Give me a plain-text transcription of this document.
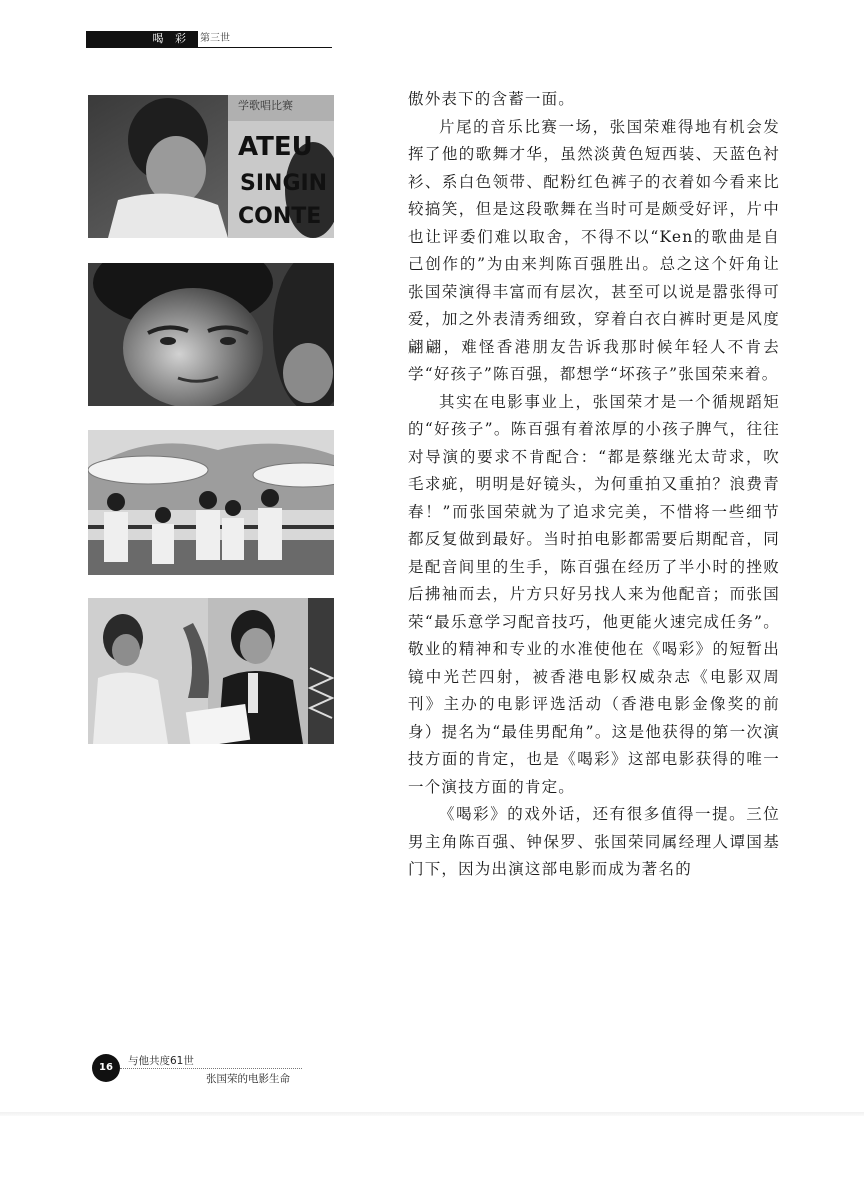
喝 彩	第三世
学歌唱比赛
ATEU
SINGIN
CONTE

傲外表下的含蓄一面。

片尾的音乐比赛一场，张国荣难得地有机会发挥了他的歌舞才华，虽然淡黄色短西装、天蓝色衬衫、系白色领带、配粉红色裤子的衣着如今看来比较搞笑，但是这段歌舞在当时可是颇受好评，片中也让评委们难以取舍，不得不以“Ken的歌曲是自己创作的”为由来判陈百强胜出。总之这个奸角让张国荣演得丰富而有层次，甚至可以说是嚣张得可爱，加之外表清秀细致，穿着白衣白裤时更是风度翩翩，难怪香港朋友告诉我那时候年轻人不肯去学“好孩子”陈百强，都想学“坏孩子”张国荣来着。

其实在电影事业上，张国荣才是一个循规蹈矩的“好孩子”。陈百强有着浓厚的小孩子脾气，往往对导演的要求不肯配合：“都是蔡继光太苛求，吹毛求疵，明明是好镜头，为何重拍又重拍？浪费青春！”而张国荣就为了追求完美，不惜将一些细节都反复做到最好。当时拍电影都需要后期配音，同是配音间里的生手，陈百强在经历了半小时的挫败后拂袖而去，片方只好另找人来为他配音；而张国荣“最乐意学习配音技巧，他更能火速完成任务”。敬业的精神和专业的水准使他在《喝彩》的短暂出镜中光芒四射，被香港电影权威杂志《电影双周刊》主办的电影评选活动（香港电影金像奖的前身）提名为“最佳男配角”。这是他获得的第一次演技方面的肯定，也是《喝彩》这部电影获得的唯一一个演技方面的肯定。

《喝彩》的戏外话，还有很多值得一提。三位男主角陈百强、钟保罗、张国荣同属经理人谭国基门下，因为出演这部电影而成为著名的

16
与他共度61世
张国荣的电影生命
